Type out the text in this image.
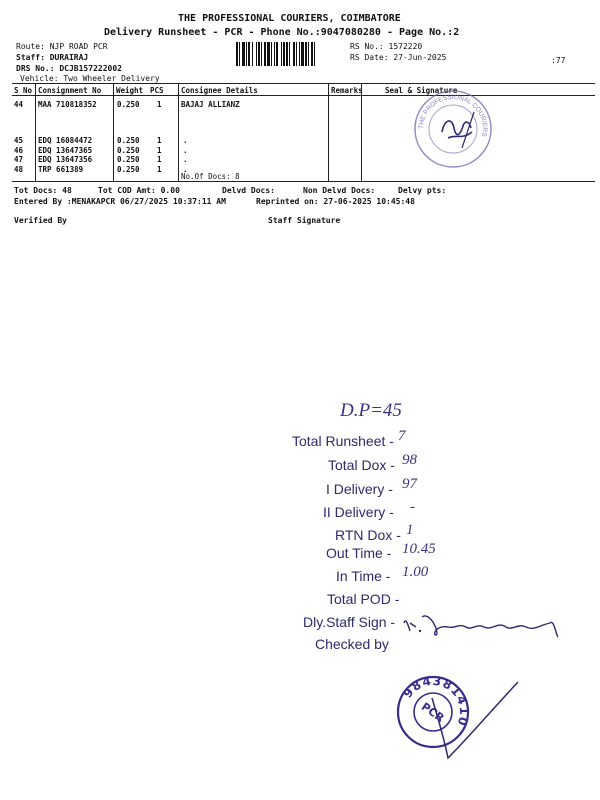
THE PROFESSIONAL COURIERS, COIMBATORE
Delivery Runsheet - PCR - Phone No.:9047080280 - Page No.:2
Route: NJP ROAD PCR
Staff: DURAIRAJ
DRS No.: DCJB157222002
Vehicle: Two Wheeler Delivery
RS No.: 1572220
RS Date: 27-Jun-2025	:77
S No Consignment No Weight PCS Consignee Details	Remarks	Seal & Signature
44 MAA 710818352	0.250 1	BAJAJ ALLIANZ
45 EDQ 16084472	0.250 1	.
46 EDQ 13647365	0.250 1	.
47 EDQ 13647356	0.250 1	.
48 TRP 661389	0.250 1	.
No.Of Docs: 8
THE PROFESSIONAL COURIERS
Tot Docs: 48	Tot COD Amt: 0.00	Delvd Docs:	Non Delvd Docs:	Delvy pts:
Entered By :MENAKAPCR 06/27/2025 10:37:11 AM	Reprinted on: 27-06-2025 10:45:48
Verified By	Staff Signature
D.P=45
Total Runsheet - 7
Total Dox - 98
I Delivery - 97
II Delivery - -
RTN Dox - 1
Out Time - 10.45
In Time - 1.00
Total POD -
Dly.Staff Sign -
Checked by
984381410
PCR
